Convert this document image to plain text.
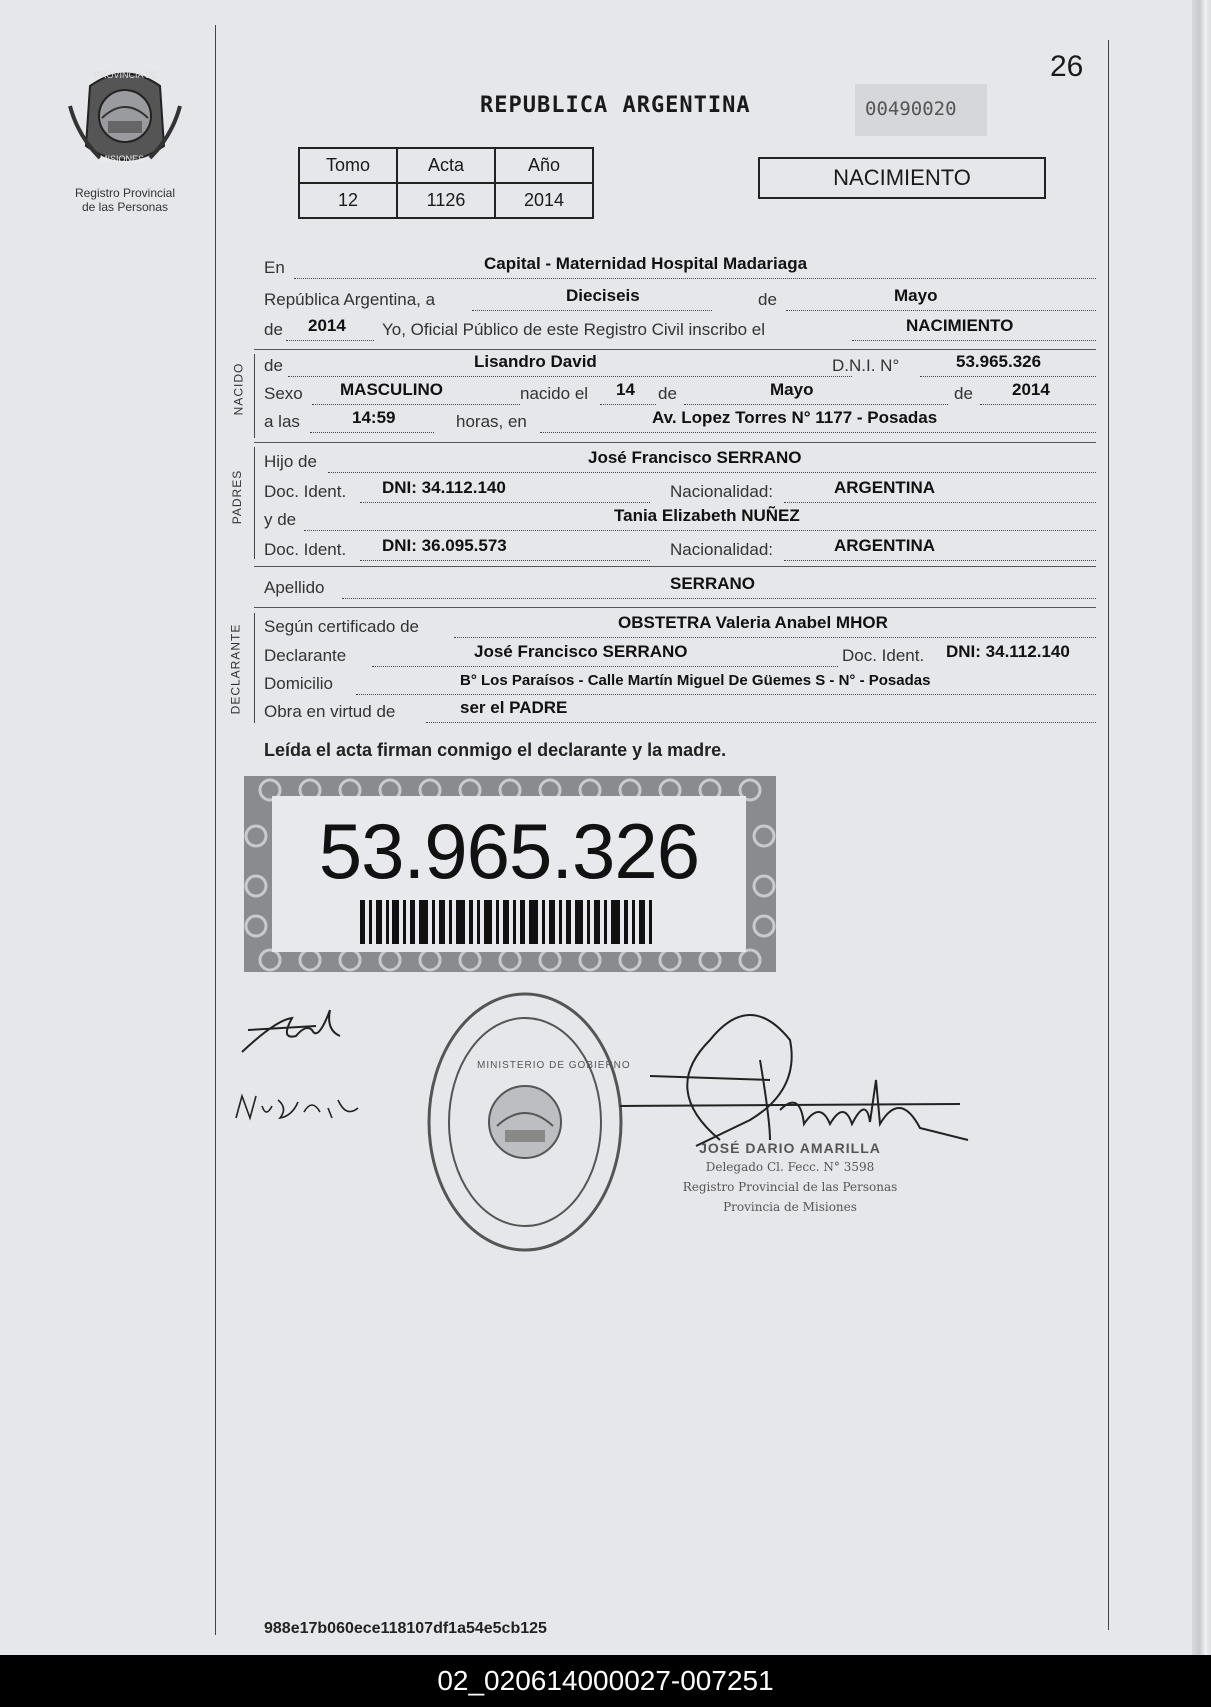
PROVINCIA DE
MISIONES
Registro Provincial
de las Personas
26
REPUBLICA ARGENTINA	00490020
Tomo	Acta	Año
12	1126	2014
NACIMIENTO
En	Capital - Maternidad Hospital Madariaga
República Argentina, a	Dieciseis	de	Mayo
de 2014 Yo, Oficial Público de este Registro Civil inscribo el	NACIMIENTO
NACIDO de	Lisandro David	D.N.I. N°	53.965.326
Sexo MASCULINO	nacido el 14 de	Mayo	de 2014
a las	14:59	horas, en	Av. Lopez Torres N° 1177 - Posadas
PADRES
Hijo de	José Francisco SERRANO
Doc. Ident. DNI: 34.112.140	Nacionalidad:	ARGENTINA
y de	Tania Elizabeth NUÑEZ
Doc. Ident. DNI: 36.095.573	Nacionalidad:	ARGENTINA
Apellido	SERRANO
DECLARANTE Según certificado de	OBSTETRA Valeria Anabel MHOR
Declarante	José Francisco SERRANO	Doc. Ident. DNI: 34.112.140
Domicilio	B° Los Paraísos - Calle Martín Miguel De Güemes S - N° - Posadas
Obra en virtud de	ser el PADRE
Leída el acta firman conmigo el declarante y la madre.
53.965.326
MINISTERIO DE GOBIERNO
JOSÉ DARIO AMARILLA
Delegado Cl. Fecc. N° 3598
Registro Provincial de las Personas
Provincia de Misiones
988e17b060ece118107df1a54e5cb125
02_020614000027-007251
